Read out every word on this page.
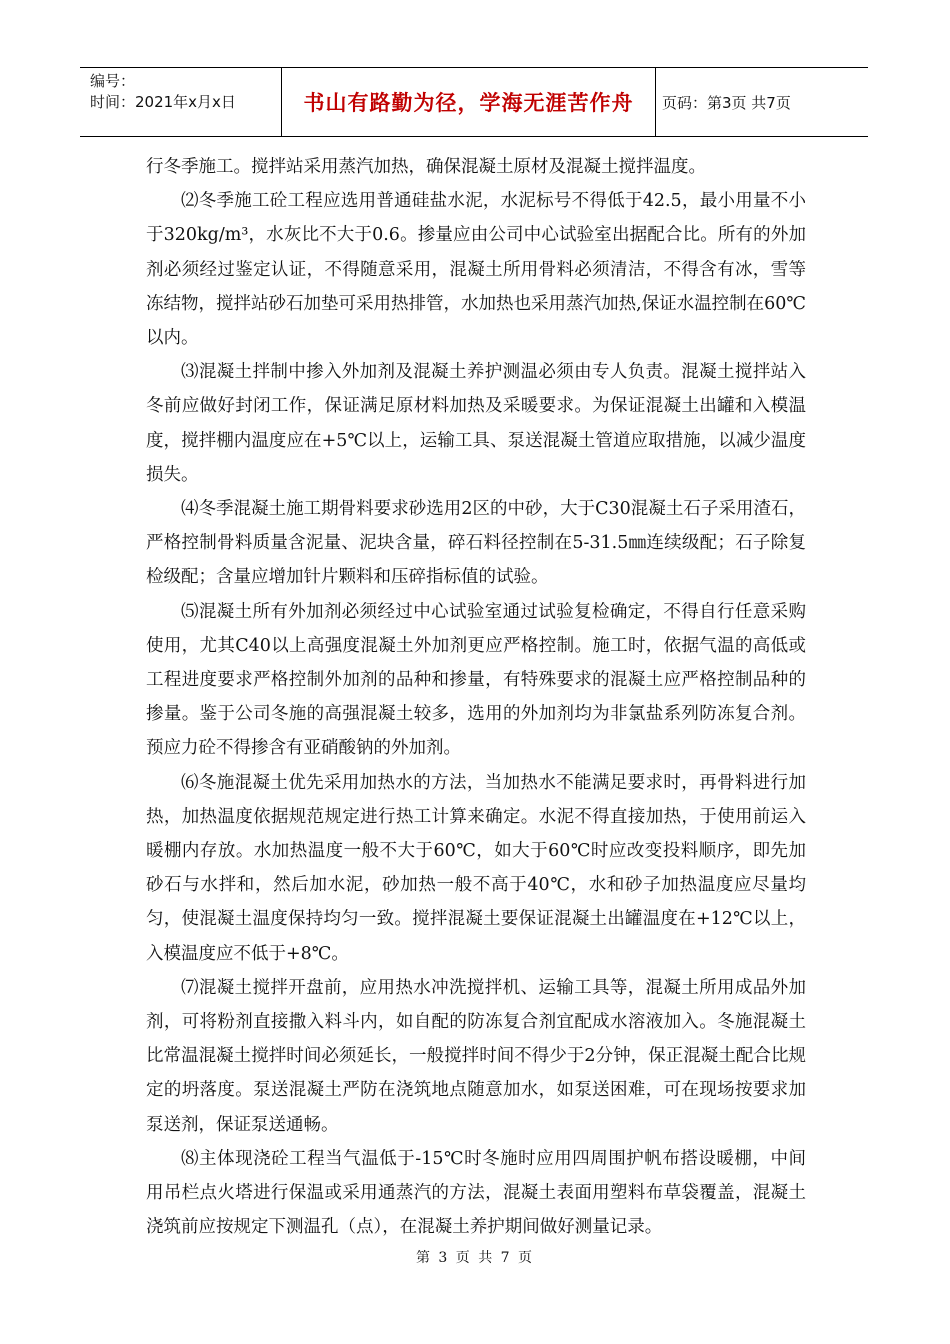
编号：
时间：2021年x月x日	书山有路勤为径，学海无涯苦作舟	页码：第3页 共7页

行冬季施工。搅拌站采用蒸汽加热，确保混凝土原材及混凝土搅拌温度。

⑵冬季施工砼工程应选用普通硅盐水泥，水泥标号不得低于42.5，最小用量不小于320kg/m³，水灰比不大于0.6。掺量应由公司中心试验室出据配合比。所有的外加剂必须经过鉴定认证，不得随意采用，混凝土所用骨料必须清洁，不得含有冰，雪等冻结物，搅拌站砂石加垫可采用热排管，水加热也采用蒸汽加热,保证水温控制在60℃以内。

⑶混凝土拌制中掺入外加剂及混凝土养护测温必须由专人负责。混凝土搅拌站入冬前应做好封闭工作，保证满足原材料加热及采暖要求。为保证混凝土出罐和入模温度，搅拌棚内温度应在+5℃以上，运输工具、泵送混凝土管道应取措施，以减少温度损失。

⑷冬季混凝土施工期骨料要求砂选用2区的中砂，大于C30混凝土石子采用渣石，严格控制骨料质量含泥量、泥块含量，碎石料径控制在5-31.5㎜连续级配；石子除复检级配；含量应增加针片颗料和压碎指标值的试验。

⑸混凝土所有外加剂必须经过中心试验室通过试验复检确定，不得自行任意采购使用，尤其C40以上高强度混凝土外加剂更应严格控制。施工时，依据气温的高低或工程进度要求严格控制外加剂的品种和掺量，有特殊要求的混凝土应严格控制品种的掺量。鉴于公司冬施的高强混凝土较多，选用的外加剂均为非氯盐系列防冻复合剂。预应力砼不得掺含有亚硝酸钠的外加剂。

⑹冬施混凝土优先采用加热水的方法，当加热水不能满足要求时，再骨料进行加热，加热温度依据规范规定进行热工计算来确定。水泥不得直接加热，于使用前运入暖棚内存放。水加热温度一般不大于60℃，如大于60℃时应改变投料顺序，即先加砂石与水拌和，然后加水泥，砂加热一般不高于40℃，水和砂子加热温度应尽量均匀，使混凝土温度保持均匀一致。搅拌混凝土要保证混凝土出罐温度在+12℃以上，入模温度应不低于+8℃。

⑺混凝土搅拌开盘前，应用热水冲洗搅拌机、运输工具等，混凝土所用成品外加剂，可将粉剂直接撒入料斗内，如自配的防冻复合剂宜配成水溶液加入。冬施混凝土比常温混凝土搅拌时间必须延长，一般搅拌时间不得少于2分钟，保正混凝土配合比规定的坍落度。泵送混凝土严防在浇筑地点随意加水，如泵送困难，可在现场按要求加泵送剂，保证泵送通畅。

⑻主体现浇砼工程当气温低于-15℃时冬施时应用四周围护帆布搭设暖棚，中间用吊栏点火塔进行保温或采用通蒸汽的方法，混凝土表面用塑料布草袋覆盖，混凝土浇筑前应按规定下测温孔（点），在混凝土养护期间做好测量记录。

第 3 页 共 7 页
